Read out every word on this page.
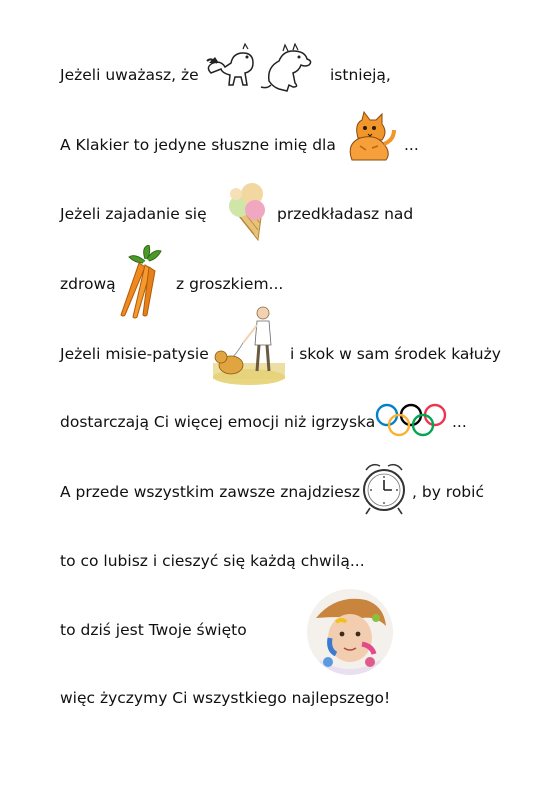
Jeżeli uważasz, że	istnieją,
A Klakier to jedyne słuszne imię dla	...
Jeżeli zajadanie się	przedkładasz nad
zdrową	z groszkiem...
Jeżeli misie-patysie	i skok w sam środek kałuży
dostarczają Ci więcej emocji niż igrzyska	...
A przede wszystkim zawsze znajdziesz	, by robić
to co lubisz i cieszyć się każdą chwilą...
to dziś jest Twoje święto
więc życzymy Ci wszystkiego najlepszego!
